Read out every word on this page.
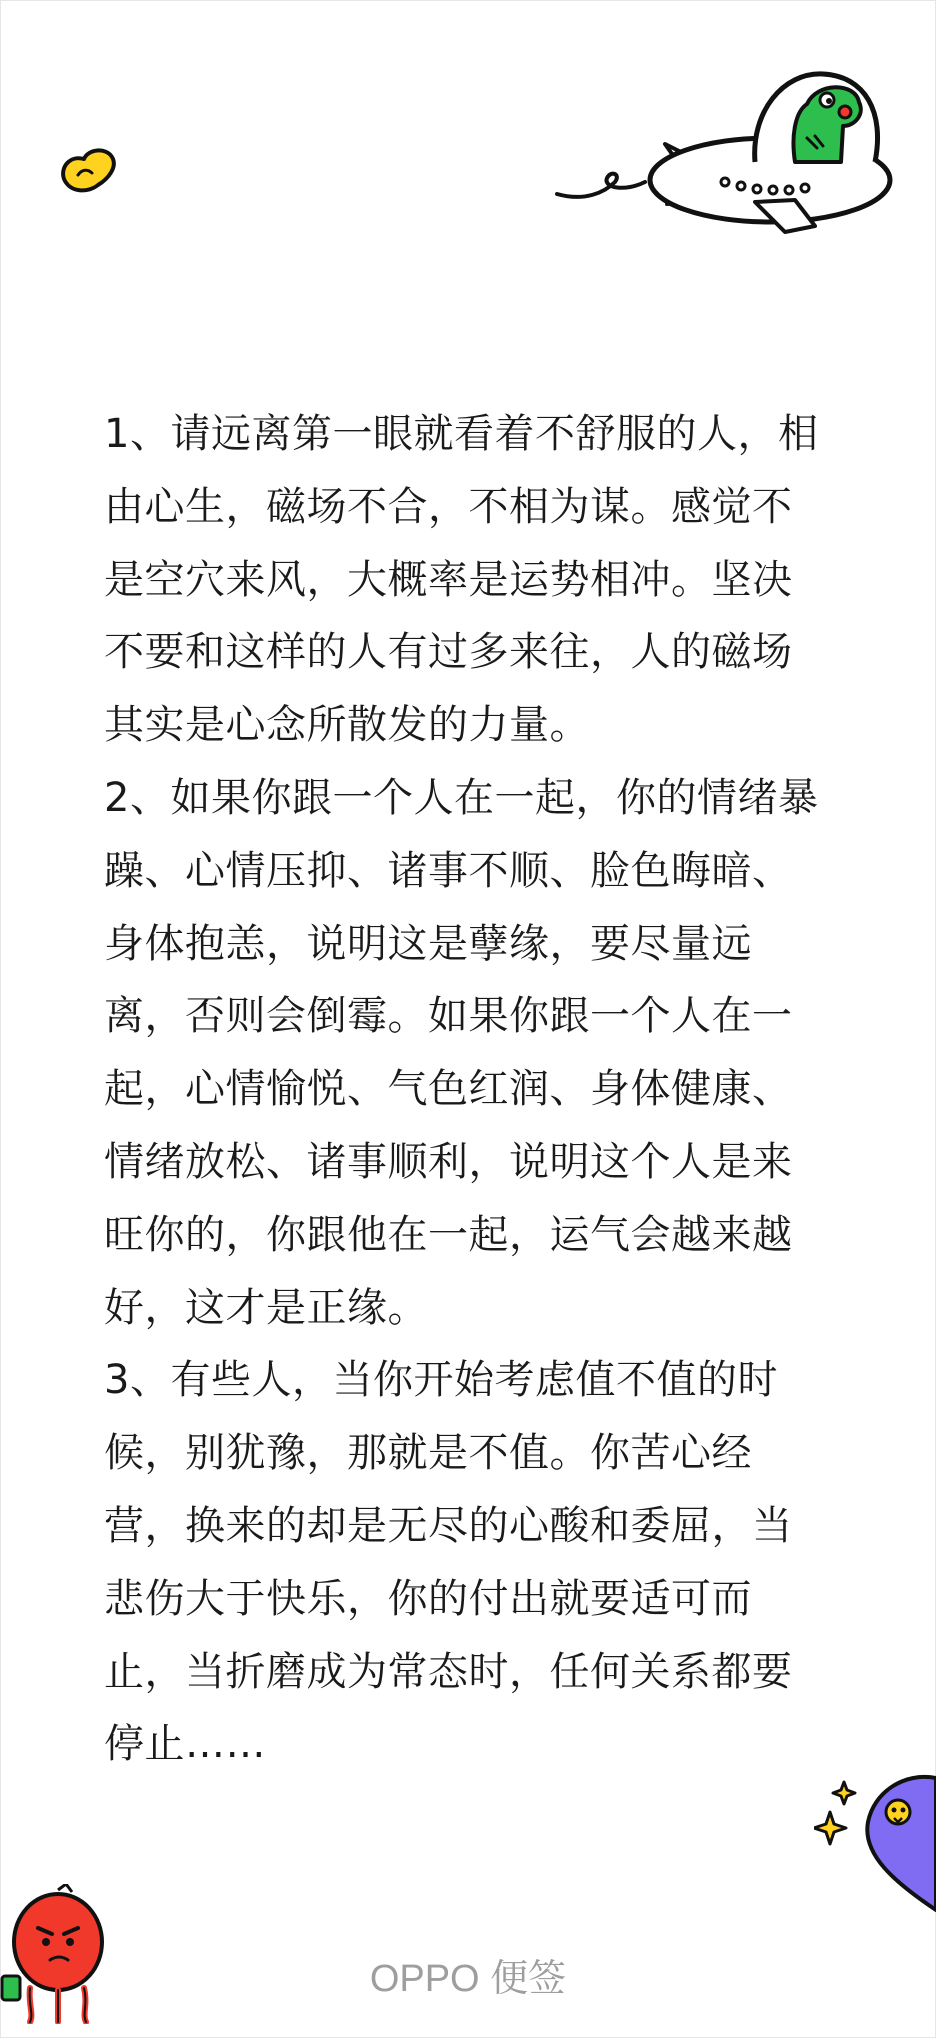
1、请远离第一眼就看着不舒服的人，相由心生，磁场不合，不相为谋。感觉不是空穴来风，大概率是运势相冲。坚决不要和这样的人有过多来往，人的磁场其实是心念所散发的力量。

2、如果你跟一个人在一起，你的情绪暴躁、心情压抑、诸事不顺、脸色晦暗、身体抱恙，说明这是孽缘，要尽量远离，否则会倒霉。如果你跟一个人在一起，心情愉悦、气色红润、身体健康、情绪放松、诸事顺利，说明这个人是来旺你的，你跟他在一起，运气会越来越好，这才是正缘。

3、有些人，当你开始考虑值不值的时候，别犹豫，那就是不值。你苦心经营，换来的却是无尽的心酸和委屈，当悲伤大于快乐，你的付出就要适可而止，当折磨成为常态时，任何关系都要停止……

OPPO 便签
